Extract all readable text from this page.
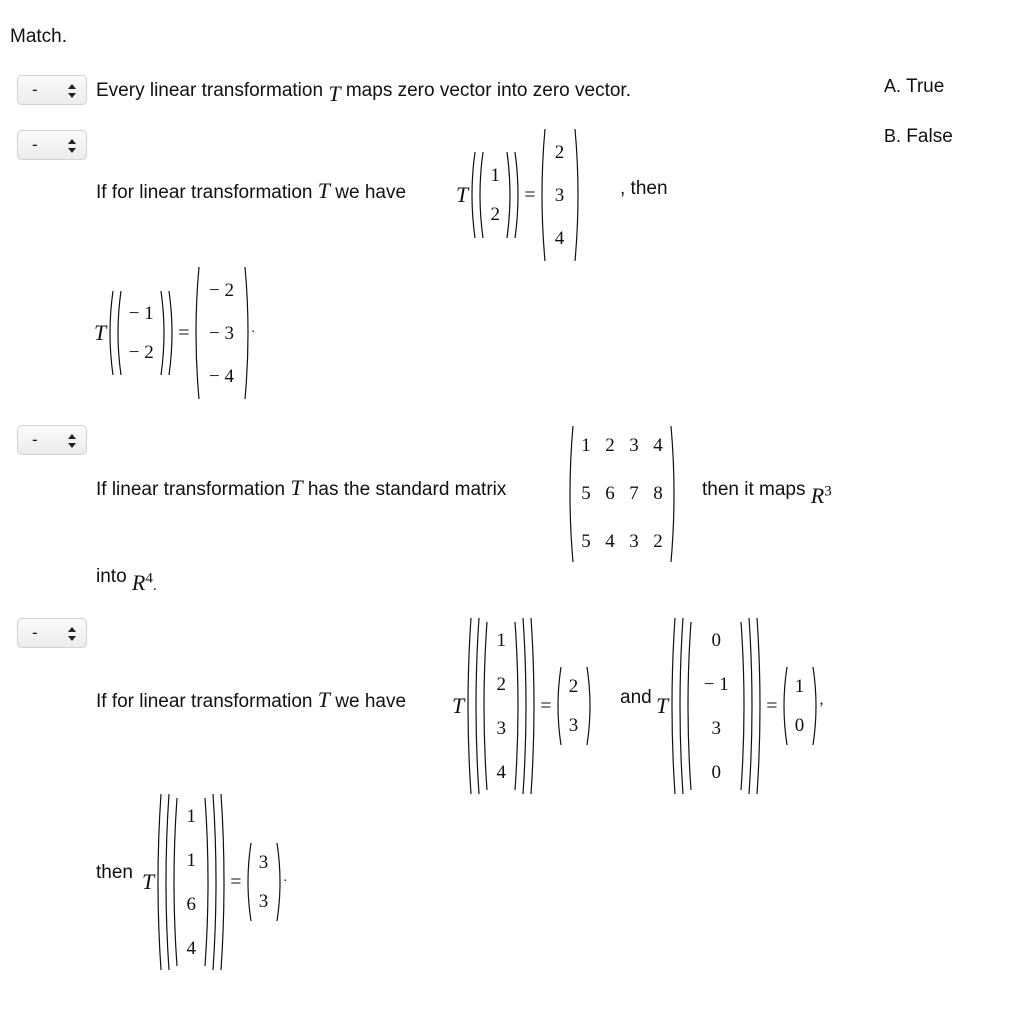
Match.
A. True
B. False
-	Every linear transformation T maps zero vector into zero vector.
-
If for linear transformation T we have T
1
2
=
2
3
4
, then
T
− 1
− 2
=
− 2
− 3
− 4
.
-
If linear transformation T has the standard matrix
1 2 3 4
5 6 7 8
5 4 3 2
then it maps $R^3$
into $R^4$.
-
If for linear transformation T we have T
1
2
3
4
=
2
3
and T
0
− 1
3
0
=
1
0
,
then T
1
1
6
4
=
3
3
.
